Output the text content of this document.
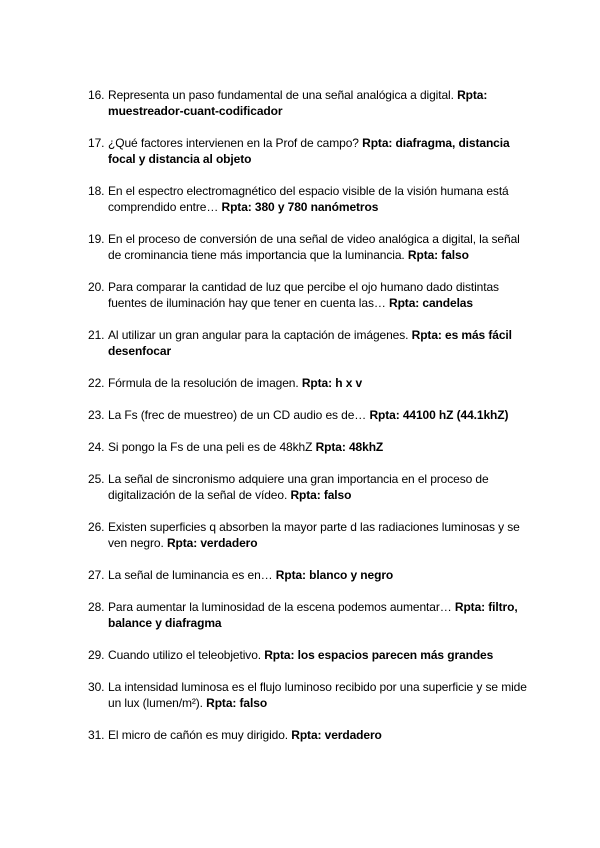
16. Representa un paso fundamental de una señal analógica a digital. Rpta: muestreador-cuant-codificador
17. ¿Qué factores intervienen en la Prof de campo? Rpta: diafragma, distancia focal y distancia al objeto
18. En el espectro electromagnético del espacio visible de la visión humana está comprendido entre… Rpta: 380 y 780 nanómetros
19. En el proceso de conversión de una señal de video analógica a digital, la señal de crominancia tiene más importancia que la luminancia. Rpta: falso
20. Para comparar la cantidad de luz que percibe el ojo humano dado distintas fuentes de iluminación hay que tener en cuenta las… Rpta: candelas
21. Al utilizar un gran angular para la captación de imágenes. Rpta: es más fácil desenfocar
22. Fórmula de la resolución de imagen. Rpta: h x v
23. La Fs (frec de muestreo) de un CD audio es de… Rpta: 44100 hZ (44.1khZ)
24. Si pongo la Fs de una peli es de 48khZ Rpta: 48khZ
25. La señal de sincronismo adquiere una gran importancia en el proceso de digitalización de la señal de vídeo. Rpta: falso
26. Existen superficies q absorben la mayor parte d las radiaciones luminosas y se ven negro. Rpta: verdadero
27. La señal de luminancia es en… Rpta: blanco y negro
28. Para aumentar la luminosidad de la escena podemos aumentar… Rpta: filtro, balance y diafragma
29. Cuando utilizo el teleobjetivo. Rpta: los espacios parecen más grandes
30. La intensidad luminosa es el flujo luminoso recibido por una superficie y se mide un lux (lumen/m²). Rpta: falso
31. El micro de cañón es muy dirigido. Rpta: verdadero
